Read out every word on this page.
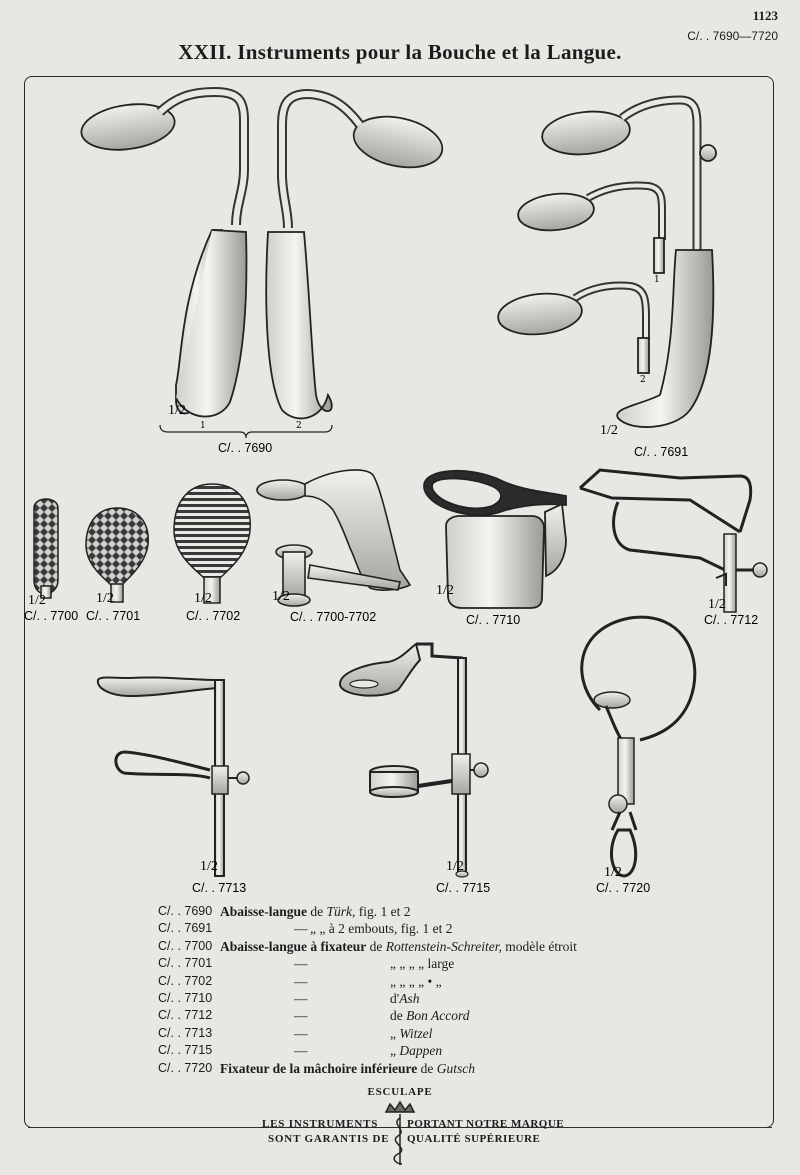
1123
C/. . 7690—7720
XXII. Instruments pour la Bouche et la Langue.
1/2
1	2
C/. . 7690
1
2
1/2
C/. . 7691
1/2
C/. . 7700
1/2
C/. . 7701
1/2
C/. . 7702
1/2
C/. . 7700-7702
1/2
C/. . 7710
1/2
C/. . 7712
1/2
C/. . 7713
1/2
C/. . 7715
1/2
C/. . 7720
C/. . 7690 Abaisse-langue de Türk, fig. 1 et 2
C/. . 7691	— „ „ à 2 embouts, fig. 1 et 2
C/. . 7700 Abaisse-langue à fixateur de Rottenstein-Schreiter, modèle étroit
C/. . 7701	—	„ „ „ „ large
C/. . 7702	—	„ „ „ „ • „
C/. . 7710	—	d'Ash
C/. . 7712	—	de Bon Accord
C/. . 7713	—	„ Witzel
C/. . 7715	—	„ Dappen
C/. . 7720 Fixateur de la mâchoire inférieure de Gutsch
ESCULAPE
LES INSTRUMENTS
SONT GARANTIS DE
PORTANT NOTRE MARQUE
QUALITÉ SUPÉRIEURE
